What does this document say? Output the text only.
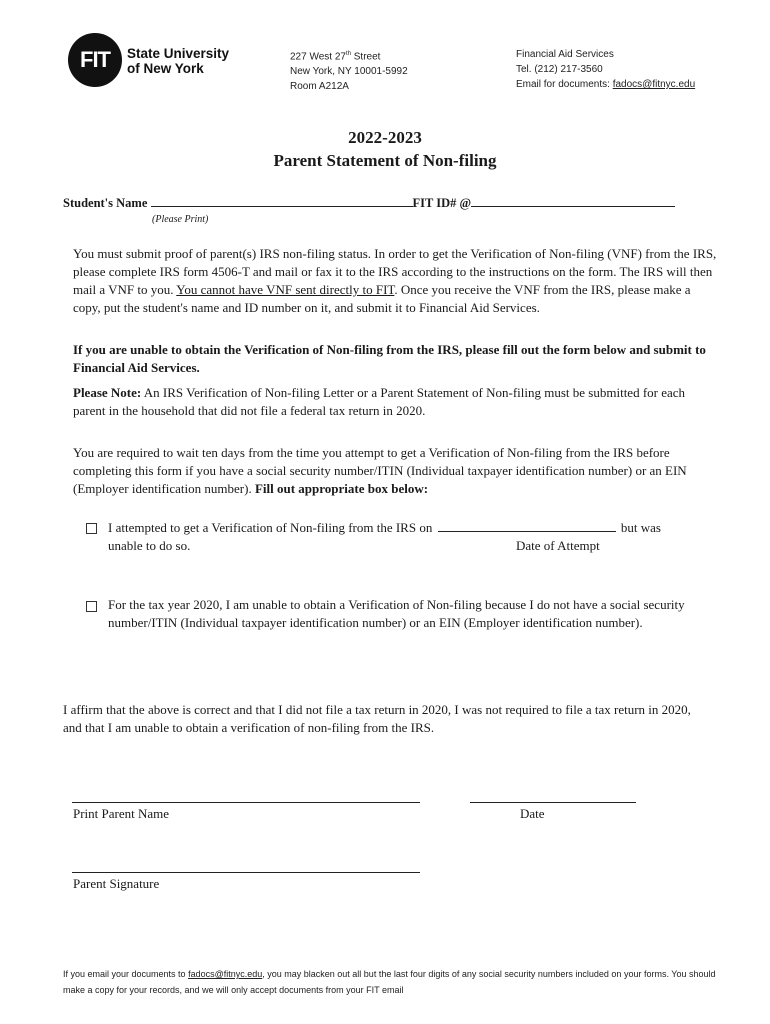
FIT State University
of New York
227 West 27th Street
New York, NY 10001-5992
Room A212A
Financial Aid Services
Tel. (212) 217-3560
Email for documents: fadocs@fitnyc.edu
2022-2023
Parent Statement of Non-filing
Student's Name	FIT ID# @
(Please Print)
You must submit proof of parent(s) IRS non-filing status. In order to get the Verification of Non-filing (VNF) from the IRS, please complete IRS form 4506-T and mail or fax it to the IRS according to the instructions on the form. The IRS will then mail a VNF to you. You cannot have VNF sent directly to FIT. Once you receive the VNF from the IRS, please make a copy, put the student's name and ID number on it, and submit it to Financial Aid Services.
If you are unable to obtain the Verification of Non-filing from the IRS, please fill out the form below and submit to Financial Aid Services.
Please Note: An IRS Verification of Non-filing Letter or a Parent Statement of Non-filing must be submitted for each parent in the household that did not file a federal tax return in 2020.
You are required to wait ten days from the time you attempt to get a Verification of Non-filing from the IRS before completing this form if you have a social security number/ITIN (Individual taxpayer identification number) or an EIN (Employer identification number). Fill out appropriate box below:
I attempted to get a Verification of Non-filing from the IRS on	but was
unable to do so.	Date of Attempt
For the tax year 2020, I am unable to obtain a Verification of Non-filing because I do not have a social security number/ITIN (Individual taxpayer identification number) or an EIN (Employer identification number).
I affirm that the above is correct and that I did not file a tax return in 2020, I was not required to file a tax return in 2020, and that I am unable to obtain a verification of non-filing from the IRS.
Print Parent Name	Date
Parent Signature
If you email your documents to fadocs@fitnyc.edu, you may blacken out all but the last four digits of any social security numbers included on your forms. You should make a copy for your records, and we will only accept documents from your FIT email
